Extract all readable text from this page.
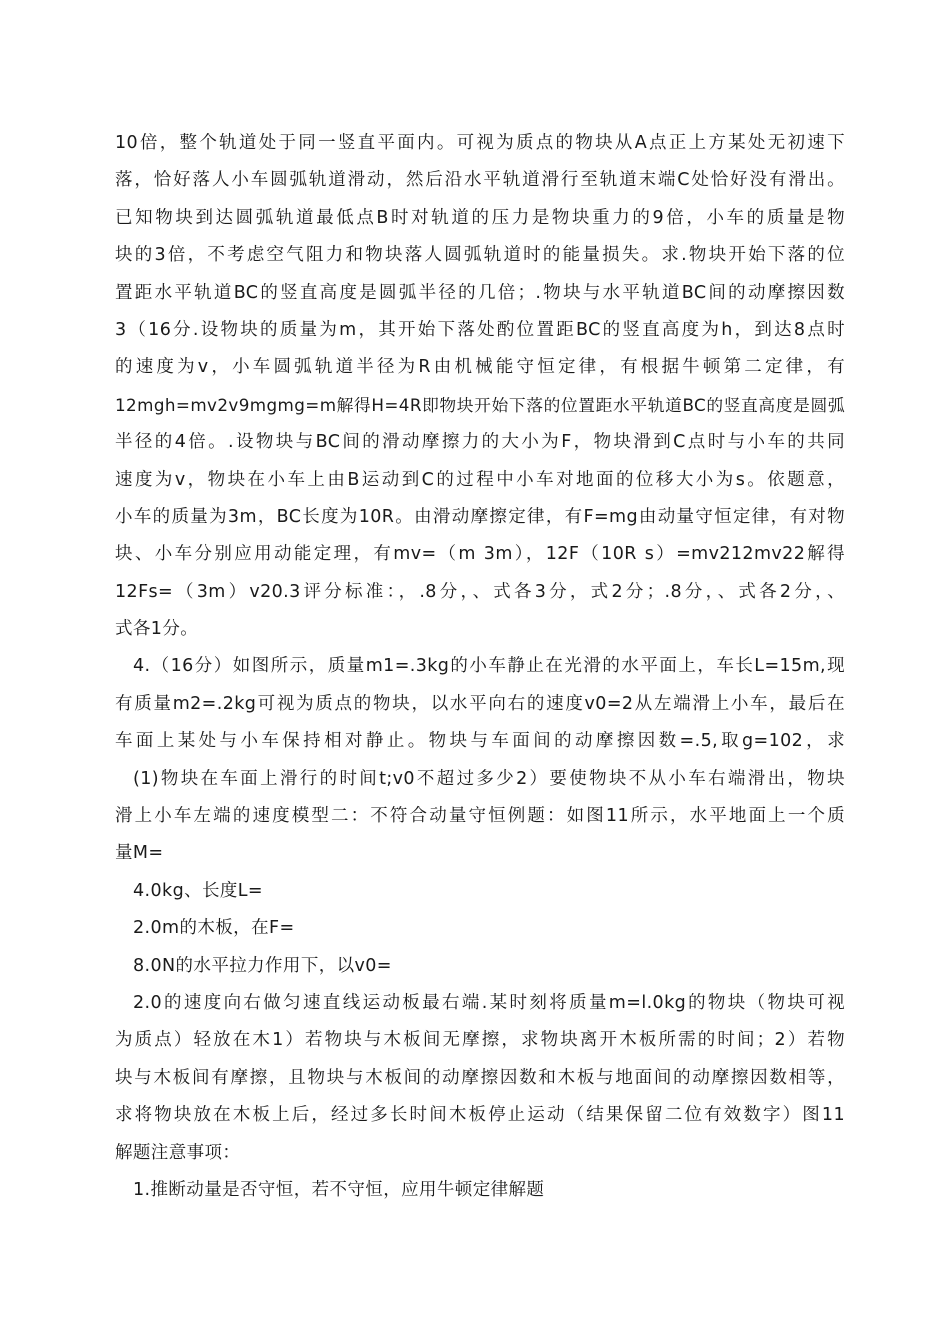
10倍，整个轨道处于同一竖直平面内。可视为质点的物块从A点正上方某处无初速下
落，恰好落人小车圆弧轨道滑动，然后沿水平轨道滑行至轨道末端C处恰好没有滑出。
已知物块到达圆弧轨道最低点B时对轨道的压力是物块重力的9倍，小车的质量是物
块的3倍，不考虑空气阻力和物块落人圆弧轨道时的能量损失。求.物块开始下落的位
置距水平轨道BC的竖直高度是圆弧半径的几倍；.物块与水平轨道BC间的动摩擦因数
3（16分.设物块的质量为m，其开始下落处酌位置距BC的竖直高度为h，到达8点时
的速度为v，小车圆弧轨道半径为R由机械能守恒定律，有根据牛顿第二定律，有
12mgh=mv2v9mgmg=m解得H=4R即物块开始下落的位置距水平轨道BC的竖直高度是圆弧
半径的4倍。.设物块与BC间的滑动摩擦力的大小为F，物块滑到C点时与小车的共同
速度为v，物块在小车上由B运动到C的过程中小车对地面的位移大小为s。依题意，
小车的质量为3m，BC长度为10R。由滑动摩擦定律，有F=mg由动量守恒定律，有对物
块、小车分别应用动能定理，有mv=（m 3m），12F（10R s）=mv212mv22解得
12Fs=（3m）v20.3评分标准：，.8分，、式各3分，式2分；.8分，、式各2分，、
式各1分。
4.（16分）如图所示，质量m1=.3kg的小车静止在光滑的水平面上，车长L=15m,现
有质量m2=.2kg可视为质点的物块，以水平向右的速度v0=2从左端滑上小车，最后在
车面上某处与小车保持相对静止。物块与车面间的动摩擦因数=.5,取g=102，求
(1)物块在车面上滑行的时间t;v0不超过多少2）要使物块不从小车右端滑出，物块
滑上小车左端的速度模型二：不符合动量守恒例题：如图11所示，水平地面上一个质
量M=
4.0kg、长度L=
2.0m的木板，在F=
8.0N的水平拉力作用下，以v0=
2.0的速度向右做匀速直线运动板最右端.某时刻将质量m=l.0kg的物块（物块可视
为质点）轻放在木1）若物块与木板间无摩擦，求物块离开木板所需的时间；2）若物
块与木板间有摩擦，且物块与木板间的动摩擦因数和木板与地面间的动摩擦因数相等，
求将物块放在木板上后，经过多长时间木板停止运动（结果保留二位有效数字）图11
解题注意事项：
1.推断动量是否守恒，若不守恒，应用牛顿定律解题
